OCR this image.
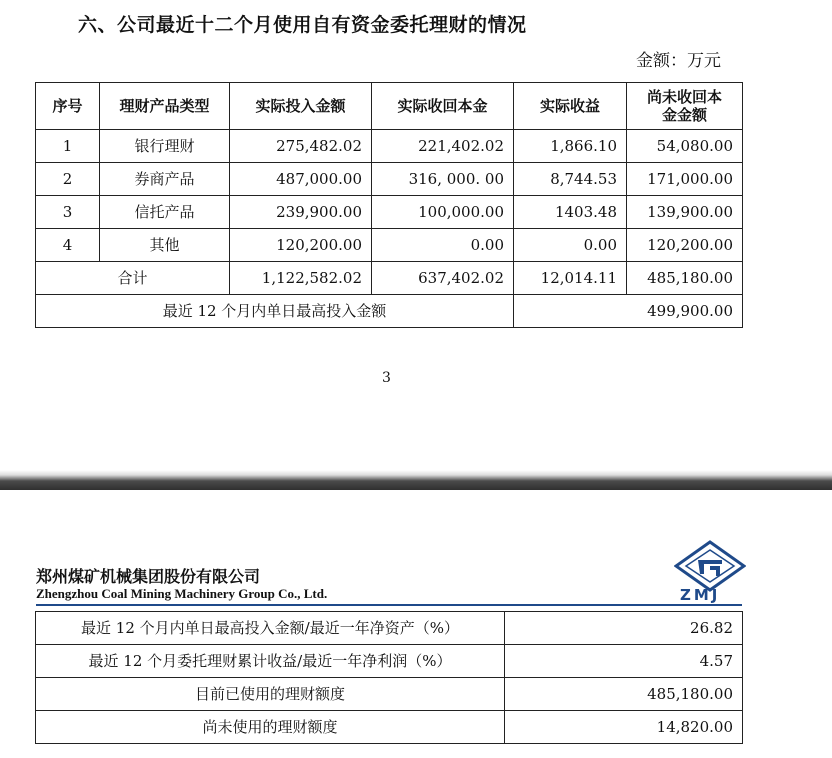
六、公司最近十二个月使用自有资金委托理财的情况
金额：万元
序号	理财产品类型	实际投入金额	实际收回本金	实际收益	尚未收回本
金金额
1	银行理财	275,482.02	221,402.02	1,866.10	54,080.00
2	券商产品	487,000.00	316, 000. 00	8,744.53	171,000.00
3	信托产品	239,900.00	100,000.00	1403.48	139,900.00
4	其他	120,200.00	0.00	0.00	120,200.00
合计		1,122,582.02	637,402.02	12,014.11	485,180.00
最近 12 个月内单日最高投入金额				499,900.00	
3
郑州煤矿机械集团股份有限公司
Zhengzhou Coal Mining Machinery Group Co., Ltd.	ZMJ
最近 12 个月内单日最高投入金额/最近一年净资产（%）	26.82
最近 12 个月委托理财累计收益/最近一年净利润（%）	4.57
目前已使用的理财额度	485,180.00
尚未使用的理财额度	14,820.00
